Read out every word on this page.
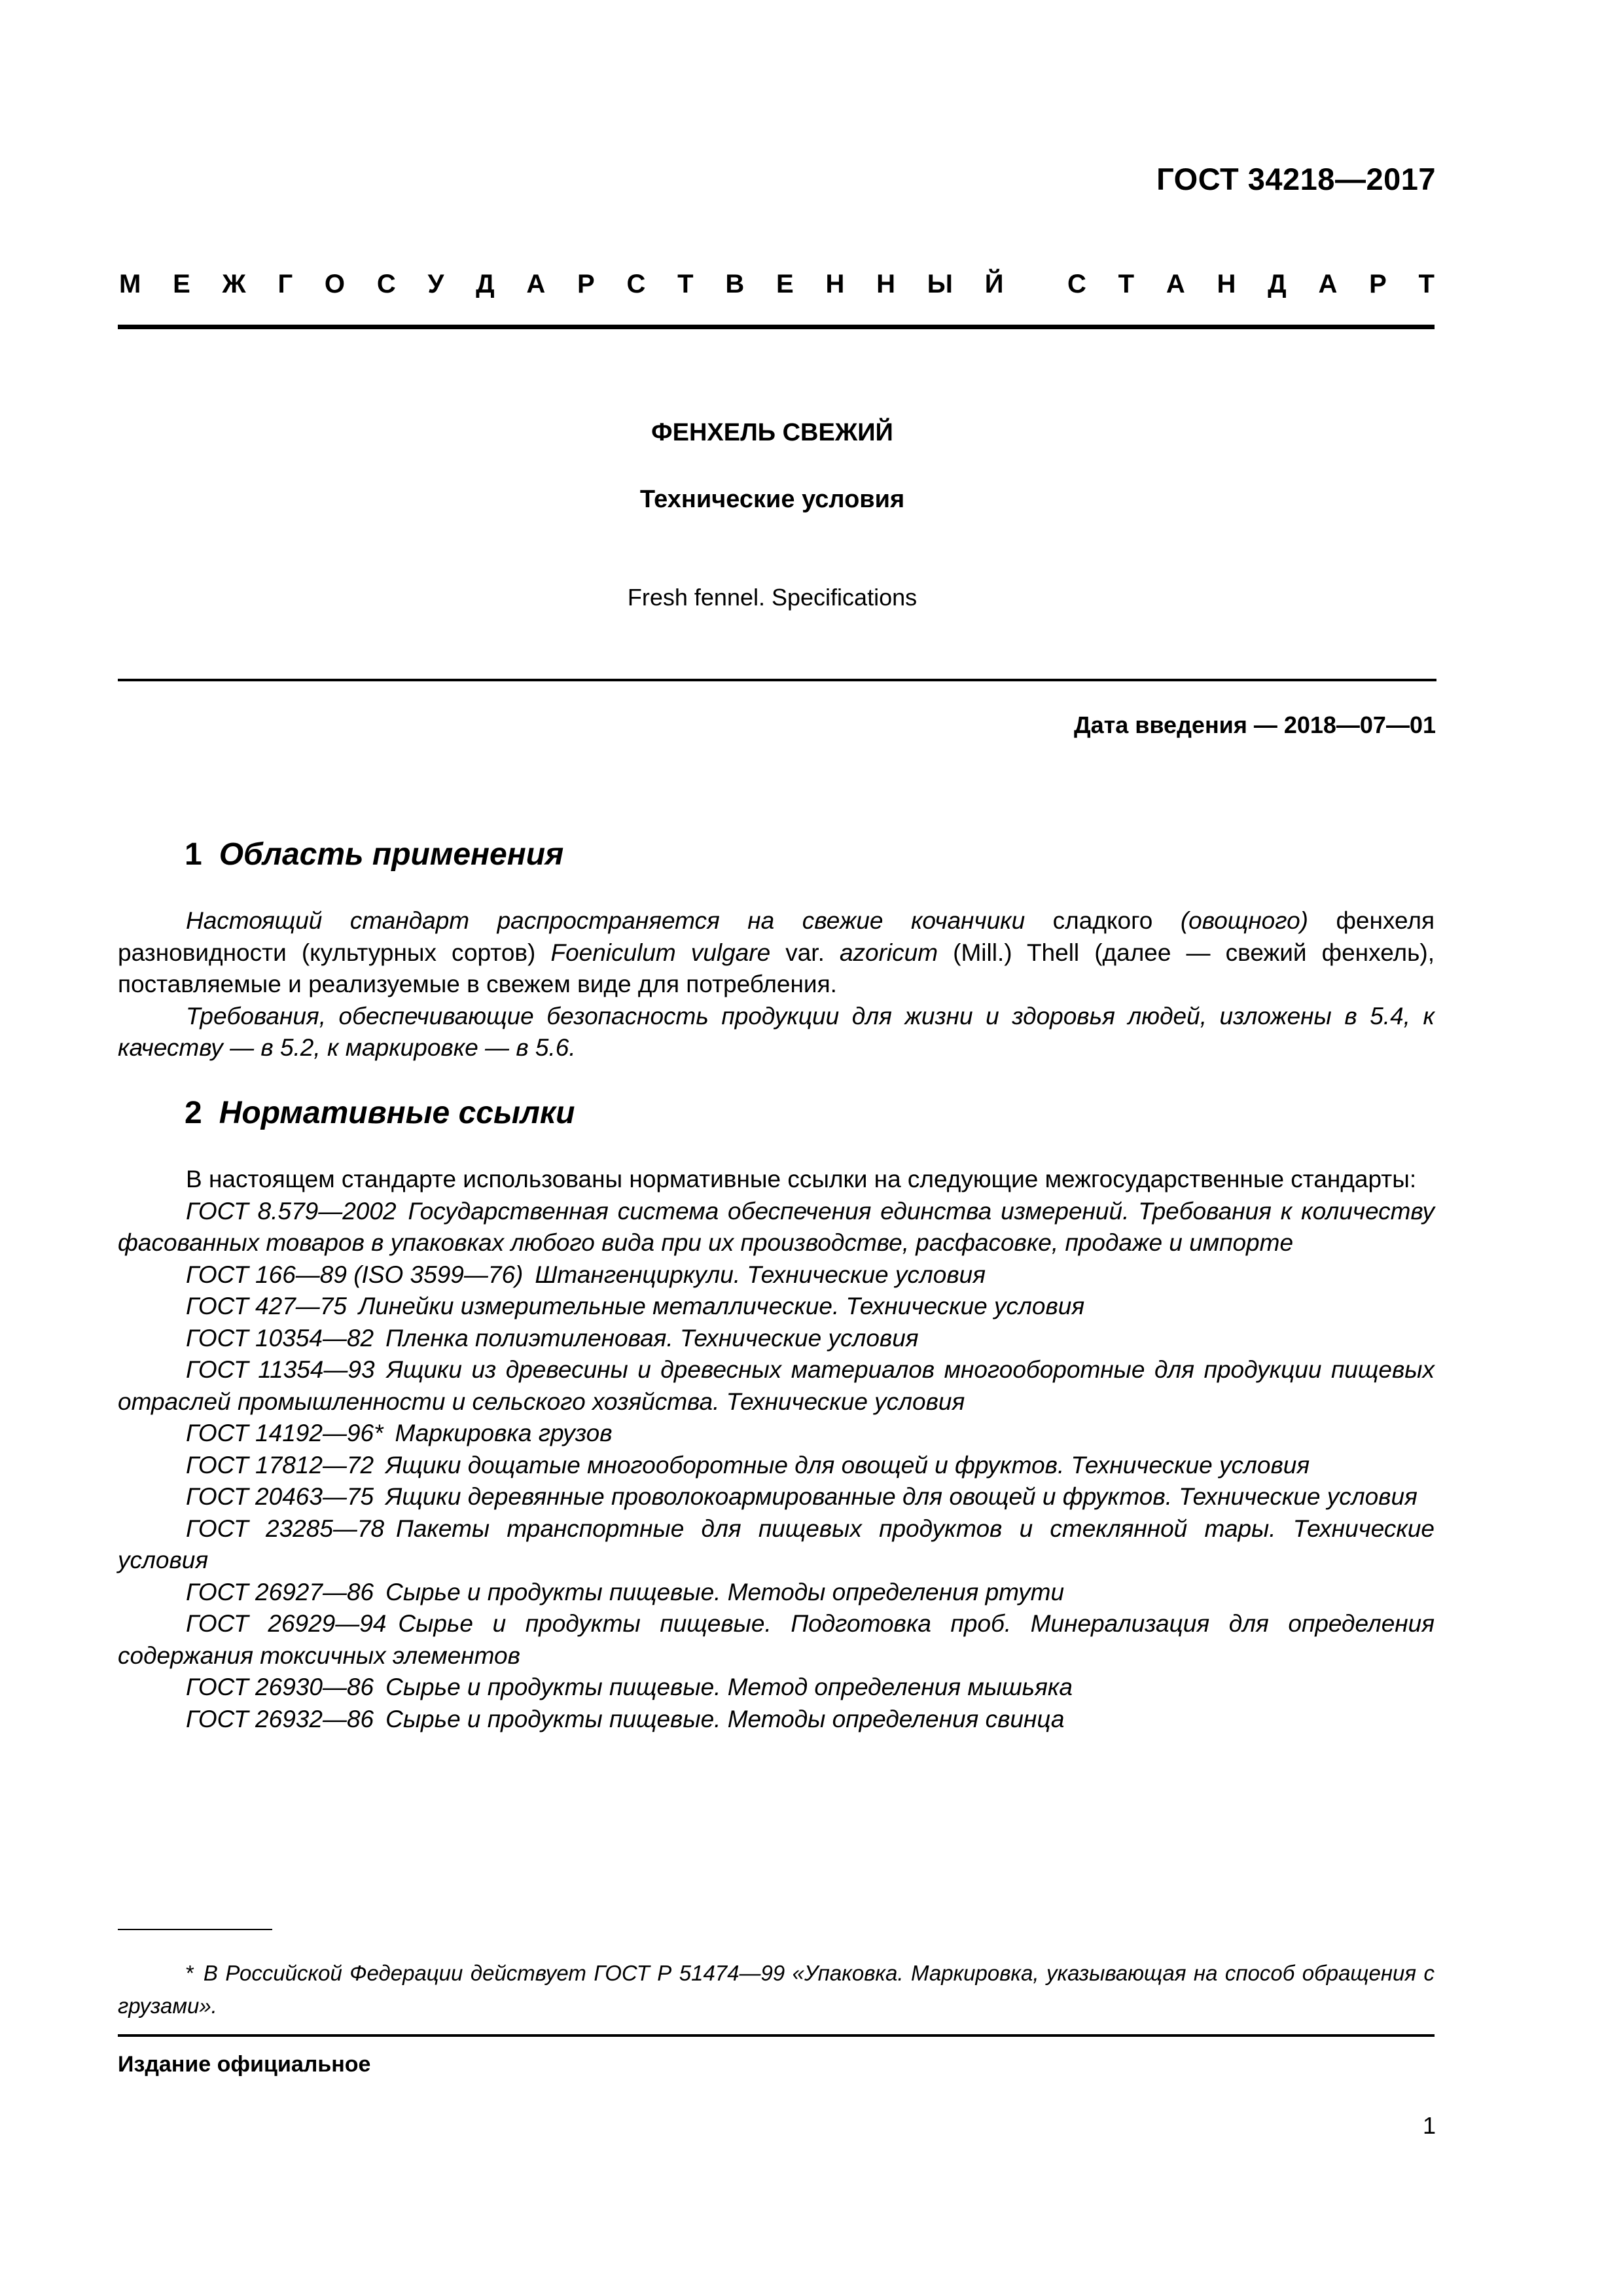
ГОСТ 34218—2017
М Е Ж Г О С У Д А Р С Т В Е Н Н Ы Й С Т А Н Д А Р Т
ФЕНХЕЛЬ СВЕЖИЙ
Технические условия
Fresh fennel. Specifications
Дата введения — 2018—07—01
1 Область применения

Настоящий стандарт распространяется на свежие кочанчики сладкого (овощного) фенхеля разновидности (культурных сортов) Foeniculum vulgare var. azoricum (Mill.) Thell (далее — свежий фенхель), поставляемые и реализуемые в свежем виде для потребления.

Требования, обеспечивающие безопасность продукции для жизни и здоровья людей, изложены в 5.4, к качеству — в 5.2, к маркировке — в 5.6.

2 Нормативные ссылки

В настоящем стандарте использованы нормативные ссылки на следующие межгосударственные стандарты:

ГОСТ 8.579—2002 Государственная система обеспечения единства измерений. Требования к количеству фасованных товаров в упаковках любого вида при их производстве, расфасовке, продаже и импорте

ГОСТ 166—89 (ISO 3599—76) Штангенциркули. Технические условия

ГОСТ 427—75 Линейки измерительные металлические. Технические условия

ГОСТ 10354—82 Пленка полиэтиленовая. Технические условия

ГОСТ 11354—93 Ящики из древесины и древесных материалов многооборотные для продукции пищевых отраслей промышленности и сельского хозяйства. Технические условия

ГОСТ 14192—96* Маркировка грузов

ГОСТ 17812—72 Ящики дощатые многооборотные для овощей и фруктов. Технические условия

ГОСТ 20463—75 Ящики деревянные проволокоармированные для овощей и фруктов. Технические условия

ГОСТ 23285—78 Пакеты транспортные для пищевых продуктов и стеклянной тары. Технические условия

ГОСТ 26927—86 Сырье и продукты пищевые. Методы определения ртути

ГОСТ 26929—94 Сырье и продукты пищевые. Подготовка проб. Минерализация для определения содержания токсичных элементов

ГОСТ 26930—86 Сырье и продукты пищевые. Метод определения мышьяка

ГОСТ 26932—86 Сырье и продукты пищевые. Методы определения свинца

* В Российской Федерации действует ГОСТ Р 51474—99 «Упаковка. Маркировка, указывающая на способ обращения с грузами».

Издание официальное
1
